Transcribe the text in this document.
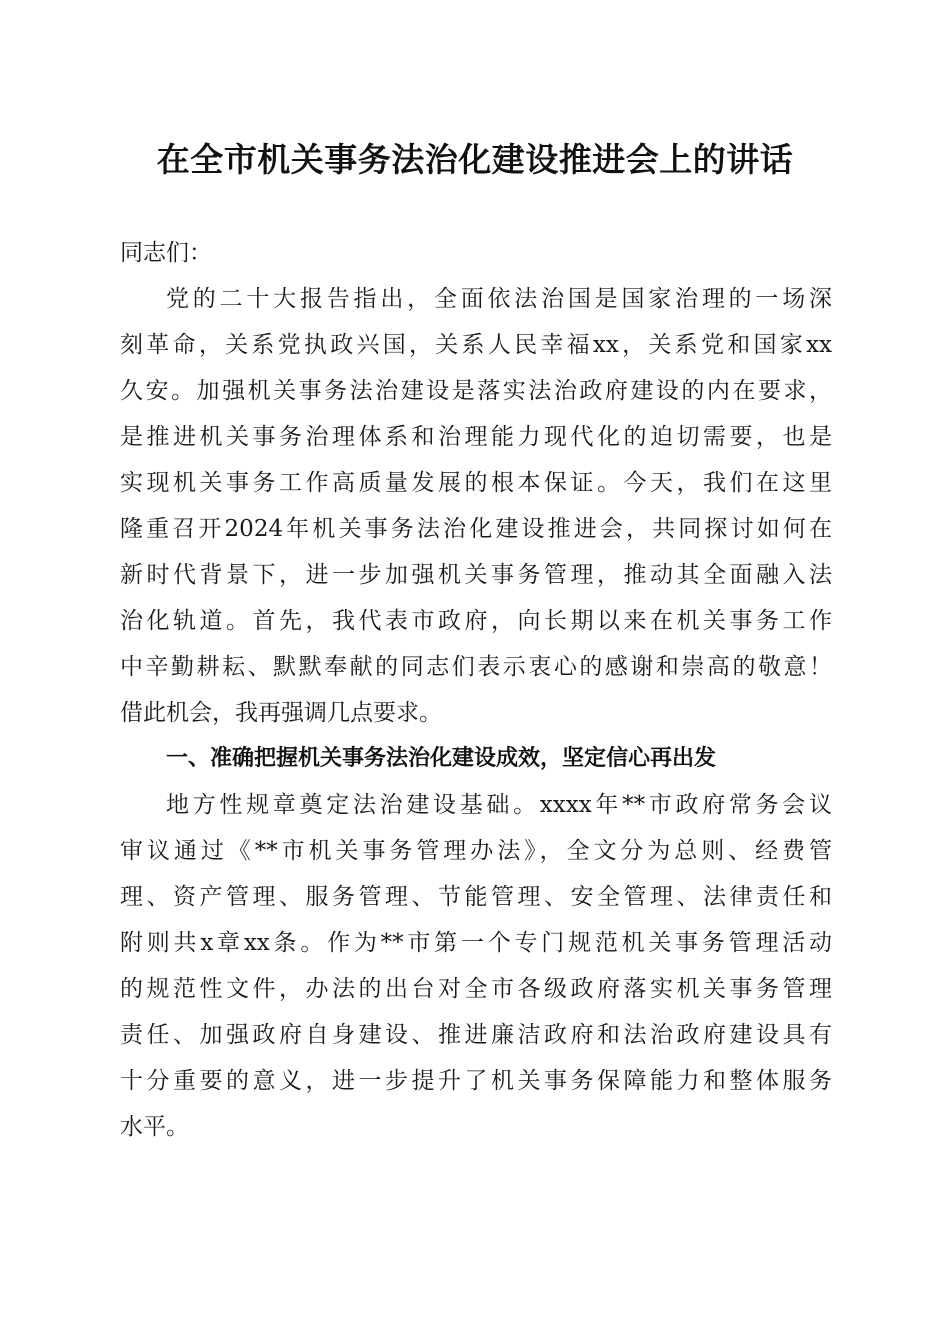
在全市机关事务法治化建设推进会上的讲话

同志们：

党的二十大报告指出，全面依法治国是国家治理的一场深
刻革命，关系党执政兴国，关系人民幸福xx，关系党和国家xx
久安。加强机关事务法治建设是落实法治政府建设的内在要求，
是推进机关事务治理体系和治理能力现代化的迫切需要，也是
实现机关事务工作高质量发展的根本保证。今天，我们在这里
隆重召开2024年机关事务法治化建设推进会，共同探讨如何在
新时代背景下，进一步加强机关事务管理，推动其全面融入法
治化轨道。首先，我代表市政府，向长期以来在机关事务工作
中辛勤耕耘、默默奉献的同志们表示衷心的感谢和崇高的敬意！
借此机会，我再强调几点要求。
一、准确把握机关事务法治化建设成效，坚定信心再出发
地方性规章奠定法治建设基础。xxxx年**市政府常务会议
审议通过《**市机关事务管理办法》，全文分为总则、经费管
理、资产管理、服务管理、节能管理、安全管理、法律责任和
附则共x章xx条。作为**市第一个专门规范机关事务管理活动
的规范性文件，办法的出台对全市各级政府落实机关事务管理
责任、加强政府自身建设、推进廉洁政府和法治政府建设具有
十分重要的意义，进一步提升了机关事务保障能力和整体服务
水平。
